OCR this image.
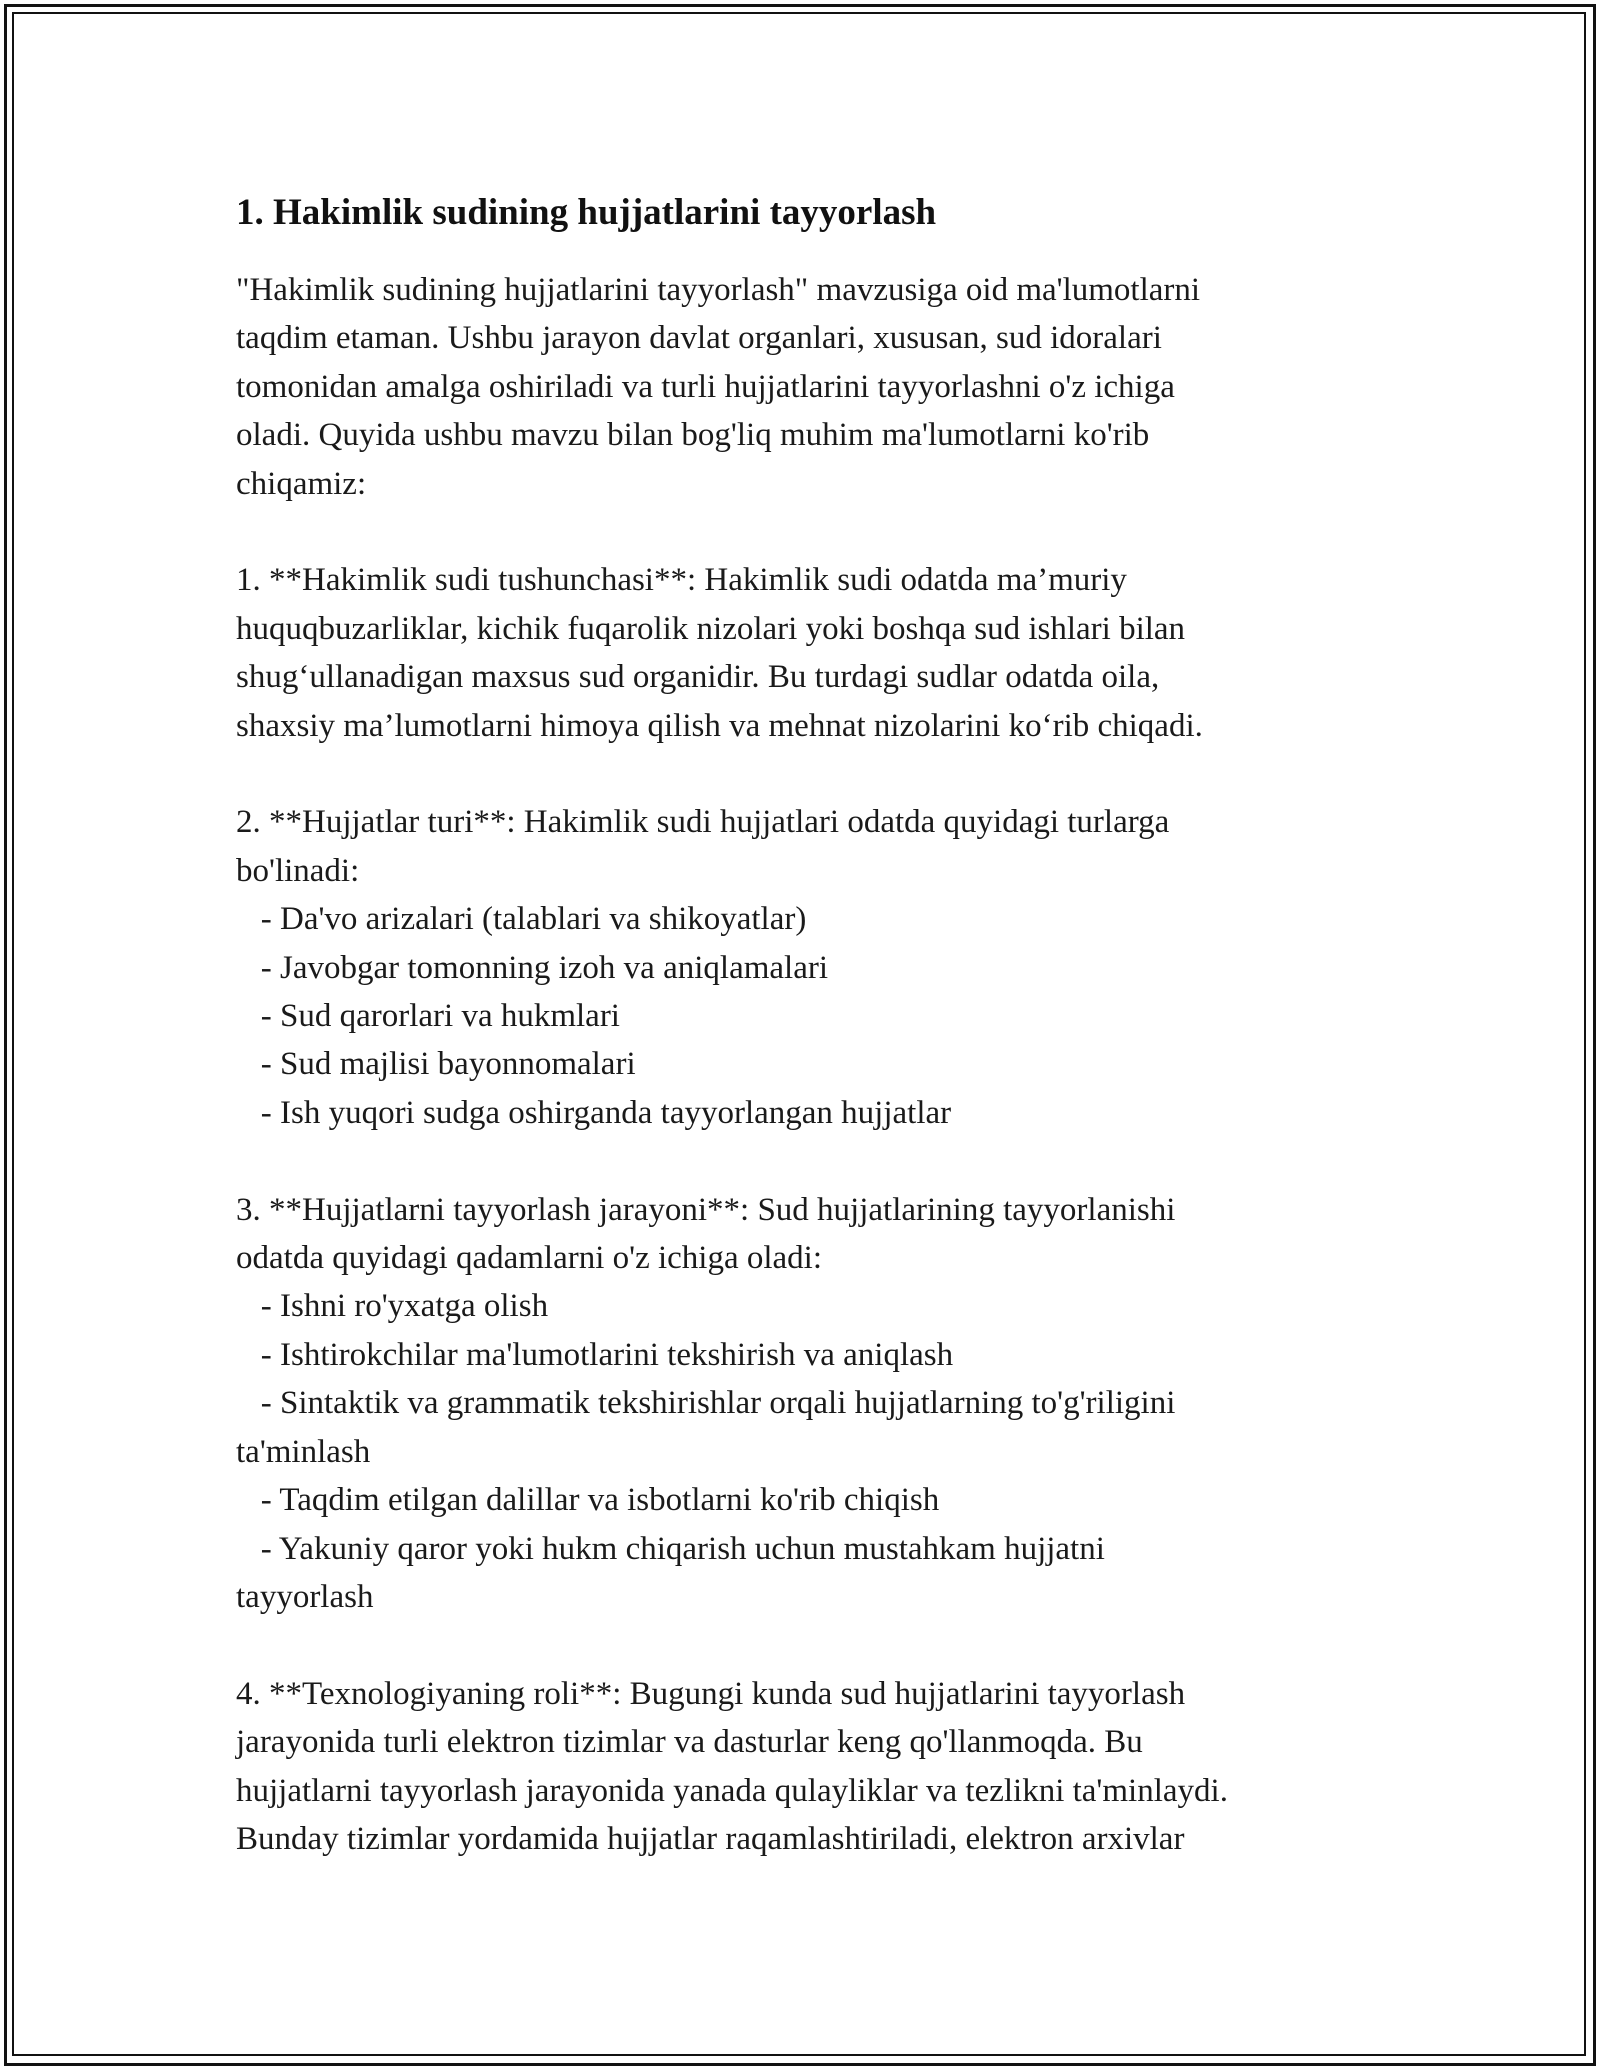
1. Hakimlik sudining hujjatlarini tayyorlash

"Hakimlik sudining hujjatlarini tayyorlash" mavzusiga oid ma'lumotlarni
taqdim etaman. Ushbu jarayon davlat organlari, xususan, sud idoralari
tomonidan amalga oshiriladi va turli hujjatlarini tayyorlashni o'z ichiga
oladi. Quyida ushbu mavzu bilan bog'liq muhim ma'lumotlarni ko'rib
chiqamiz:

1. **Hakimlik sudi tushunchasi**: Hakimlik sudi odatda ma’muriy
huquqbuzarliklar, kichik fuqarolik nizolari yoki boshqa sud ishlari bilan
shug‘ullanadigan maxsus sud organidir. Bu turdagi sudlar odatda oila,
shaxsiy ma’lumotlarni himoya qilish va mehnat nizolarini ko‘rib chiqadi.

2. **Hujjatlar turi**: Hakimlik sudi hujjatlari odatda quyidagi turlarga
bo'linadi:

- Da'vo arizalari (talablari va shikoyatlar)

- Javobgar tomonning izoh va aniqlamalari

- Sud qarorlari va hukmlari

- Sud majlisi bayonnomalari

- Ish yuqori sudga oshirganda tayyorlangan hujjatlar

3. **Hujjatlarni tayyorlash jarayoni**: Sud hujjatlarining tayyorlanishi
odatda quyidagi qadamlarni o'z ichiga oladi:

- Ishni ro'yxatga olish

- Ishtirokchilar ma'lumotlarini tekshirish va aniqlash

- Sintaktik va grammatik tekshirishlar orqali hujjatlarning to'g'riligini
ta'minlash

- Taqdim etilgan dalillar va isbotlarni ko'rib chiqish

- Yakuniy qaror yoki hukm chiqarish uchun mustahkam hujjatni
tayyorlash

4. **Texnologiyaning roli**: Bugungi kunda sud hujjatlarini tayyorlash
jarayonida turli elektron tizimlar va dasturlar keng qo'llanmoqda. Bu
hujjatlarni tayyorlash jarayonida yanada qulayliklar va tezlikni ta'minlaydi.
Bunday tizimlar yordamida hujjatlar raqamlashtiriladi, elektron arxivlar
